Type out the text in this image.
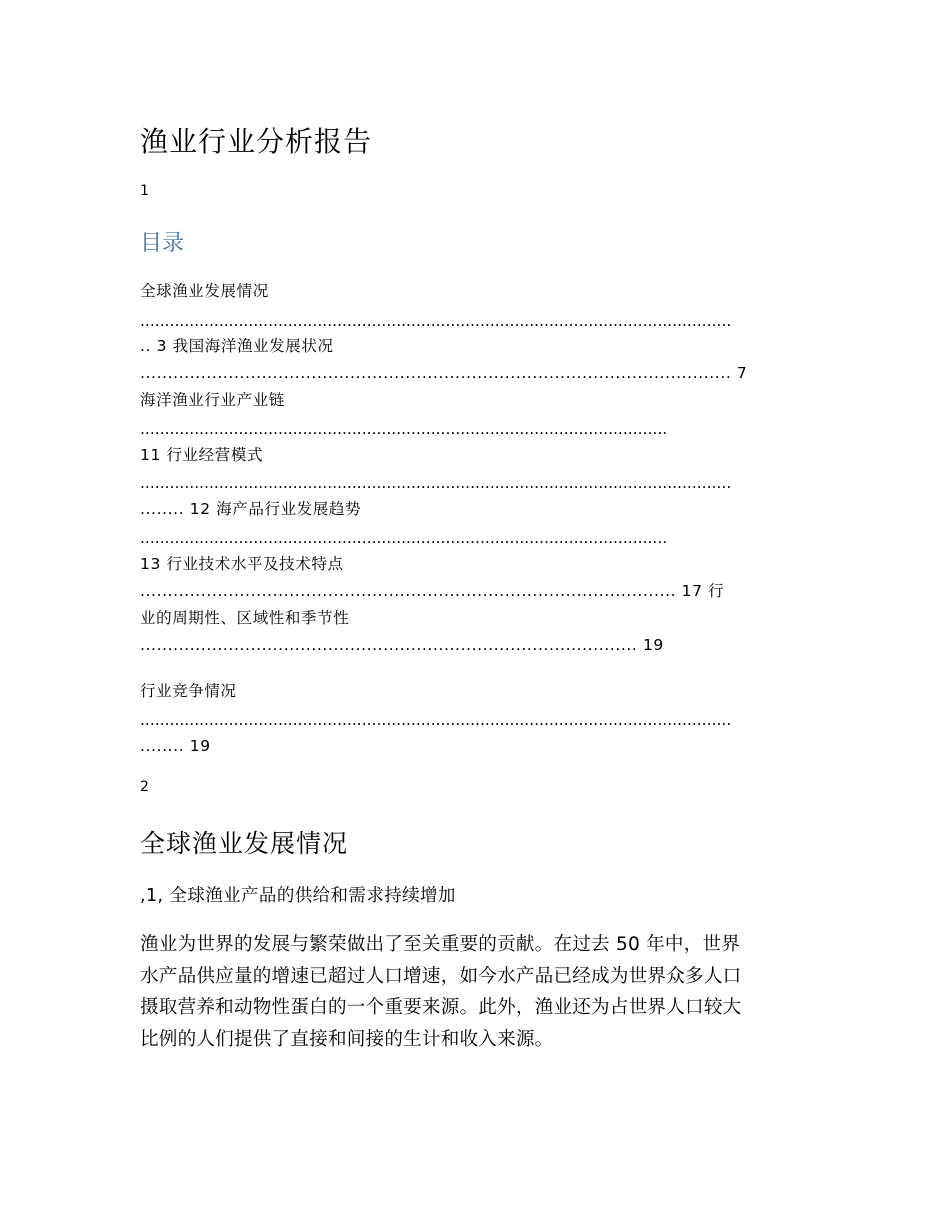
渔业行业分析报告
1
目录
全球渔业发展情况
........................................................................................................................
.. 3 我国海洋渔业发展状况
........................................................................................................... 7
海洋渔业行业产业链
...........................................................................................................
11 行业经营模式
........................................................................................................................
........ 12 海产品行业发展趋势
...........................................................................................................
13 行业技术水平及技术特点
................................................................................................. 17 行
业的周期性、区域性和季节性
.......................................................................................... 19
行业竞争情况
........................................................................................................................
........ 19
2
全球渔业发展情况
,1, 全球渔业产品的供给和需求持续增加
渔业为世界的发展与繁荣做出了至关重要的贡献。在过去 50 年中，世界
水产品供应量的增速已超过人口增速，如今水产品已经成为世界众多人口
摄取营养和动物性蛋白的一个重要来源。此外，渔业还为占世界人口较大
比例的人们提供了直接和间接的生计和收入来源。
